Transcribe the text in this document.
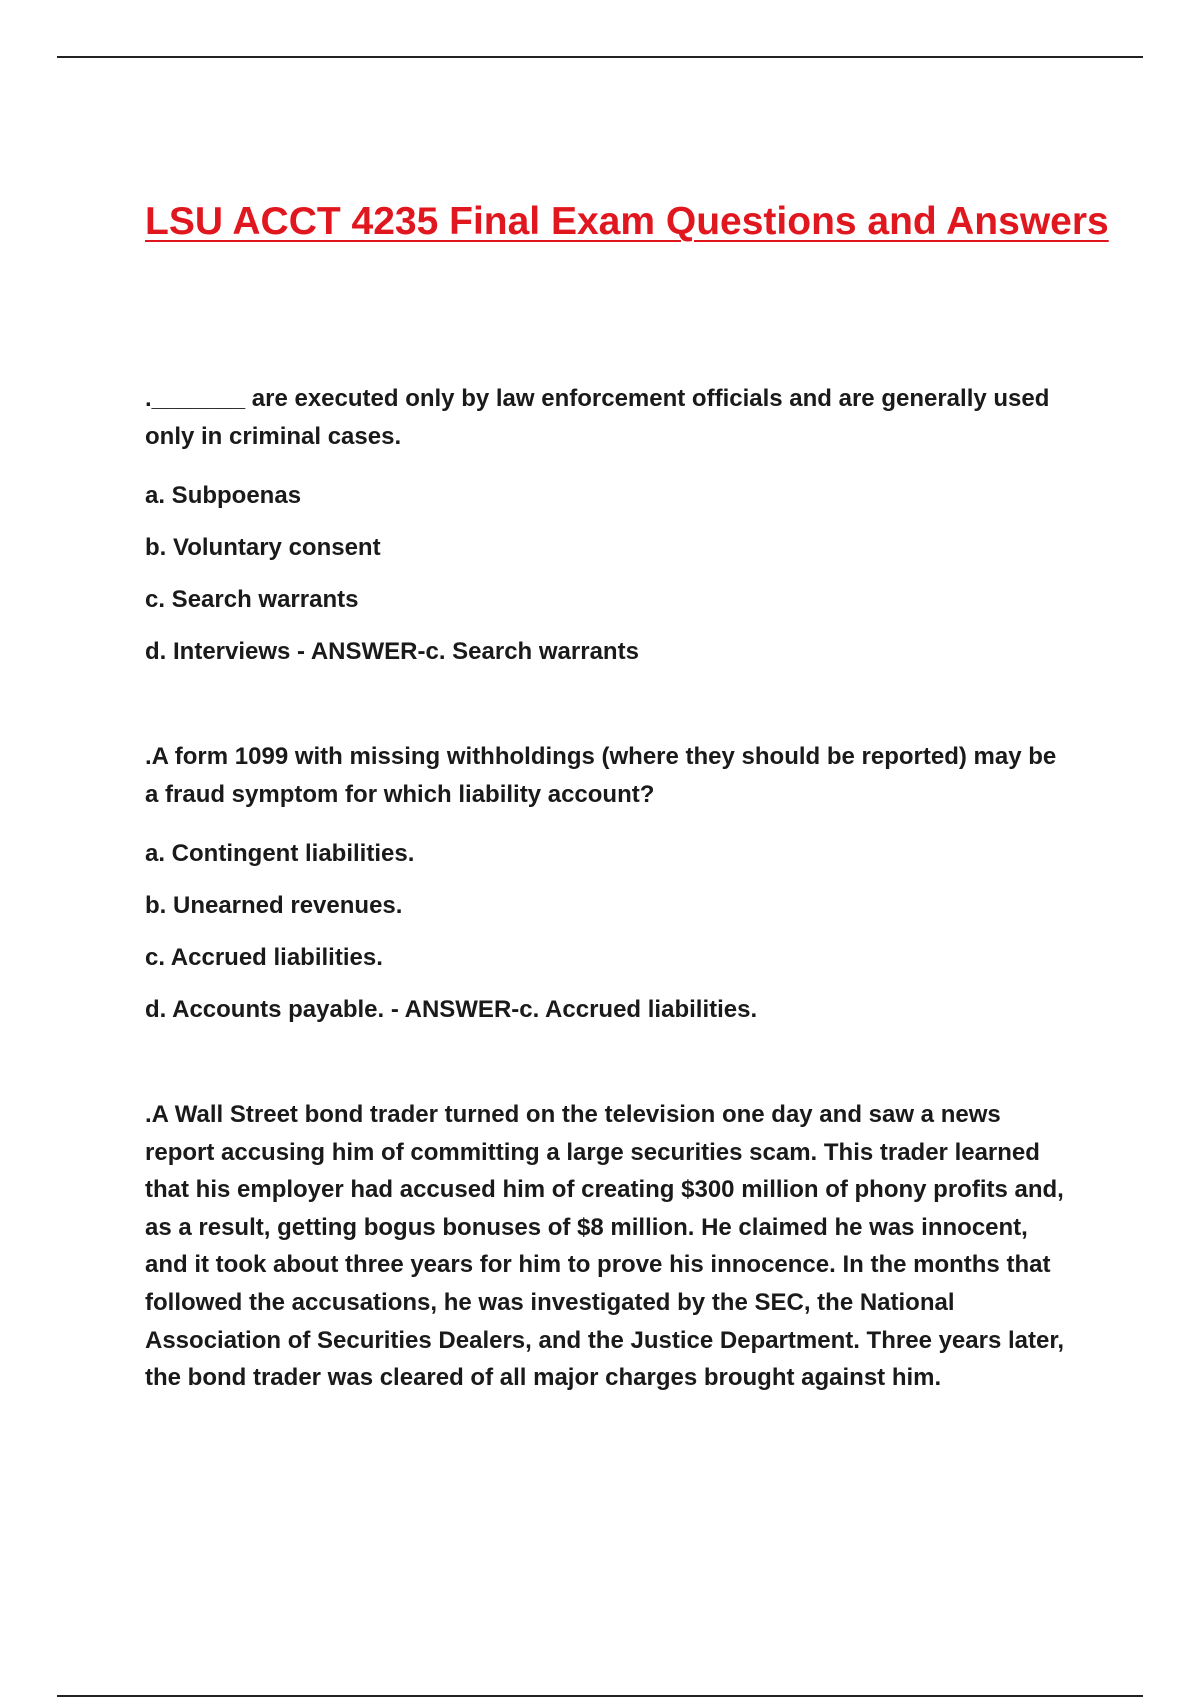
LSU ACCT 4235 Final Exam Questions and Answers

._______ are executed only by law enforcement officials and are generally used only in criminal cases.

a. Subpoenas

b. Voluntary consent

c. Search warrants

d. Interviews - ANSWER-c. Search warrants

.A form 1099 with missing withholdings (where they should be reported) may be a fraud symptom for which liability account?

a. Contingent liabilities.

b. Unearned revenues.

c. Accrued liabilities.

d. Accounts payable. - ANSWER-c. Accrued liabilities.

.A Wall Street bond trader turned on the television one day and saw a news report accusing him of committing a large securities scam. This trader learned that his employer had accused him of creating $300 million of phony profits and, as a result, getting bogus bonuses of $8 million. He claimed he was innocent, and it took about three years for him to prove his innocence. In the months that followed the accusations, he was investigated by the SEC, the National Association of Securities Dealers, and the Justice Department. Three years later, the bond trader was cleared of all major charges brought against him.
